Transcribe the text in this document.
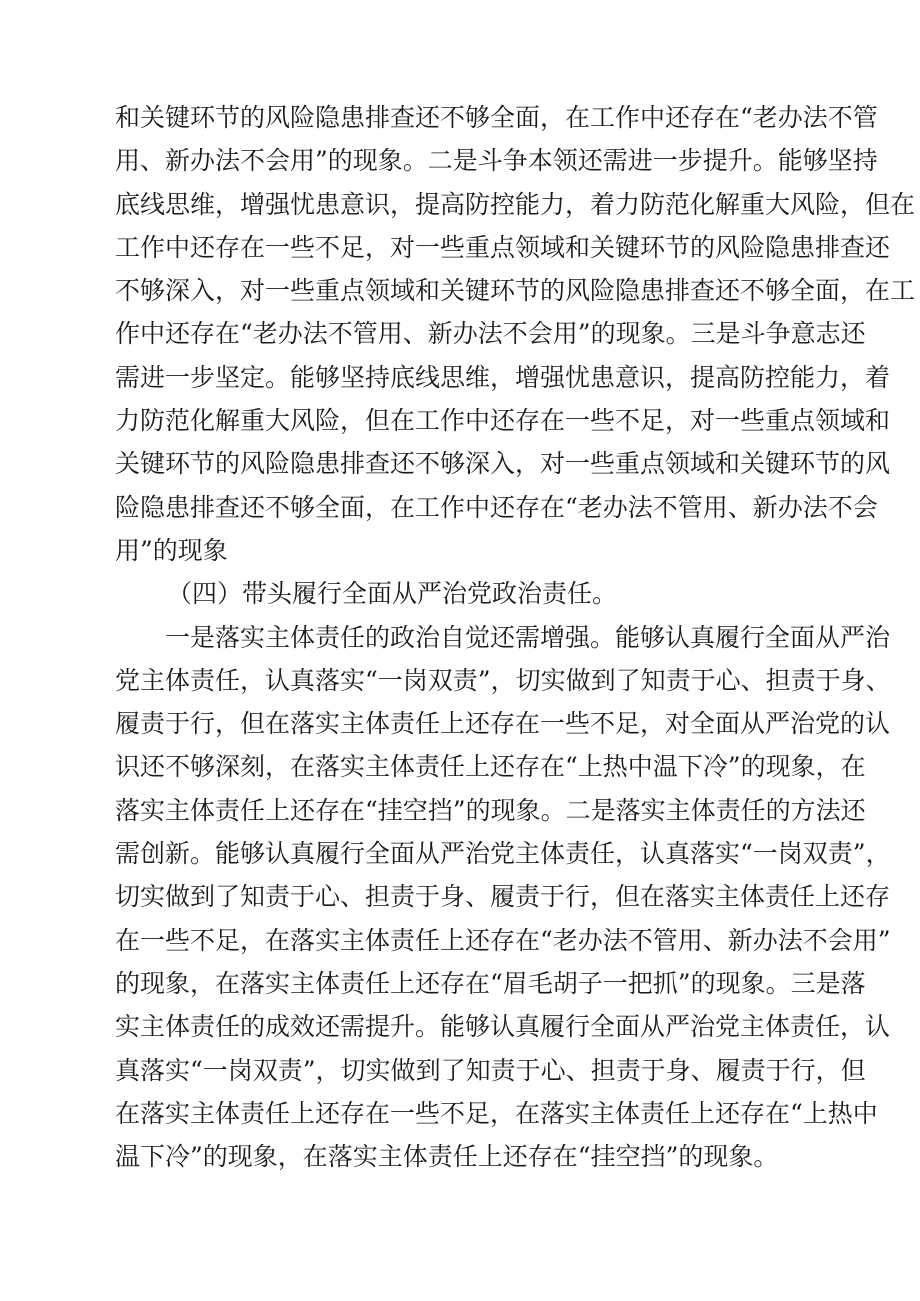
和关键环节的风险隐患排查还不够全面，在工作中还存在“老办法不管
用、新办法不会用”的现象。二是斗争本领还需进一步提升。能够坚持
底线思维，增强忧患意识，提高防控能力，着力防范化解重大风险，但在
工作中还存在一些不足，对一些重点领域和关键环节的风险隐患排查还
不够深入，对一些重点领域和关键环节的风险隐患排查还不够全面，在工
作中还存在“老办法不管用、新办法不会用”的现象。三是斗争意志还
需进一步坚定。能够坚持底线思维，增强忧患意识，提高防控能力，着
力防范化解重大风险，但在工作中还存在一些不足，对一些重点领域和
关键环节的风险隐患排查还不够深入，对一些重点领域和关键环节的风
险隐患排查还不够全面，在工作中还存在“老办法不管用、新办法不会
用”的现象
（四）带头履行全面从严治党政治责任。
一是落实主体责任的政治自觉还需增强。能够认真履行全面从严治
党主体责任，认真落实“一岗双责”，切实做到了知责于心、担责于身、
履责于行，但在落实主体责任上还存在一些不足，对全面从严治党的认
识还不够深刻，在落实主体责任上还存在“上热中温下冷”的现象，在
落实主体责任上还存在“挂空挡”的现象。二是落实主体责任的方法还
需创新。能够认真履行全面从严治党主体责任，认真落实“一岗双责”，
切实做到了知责于心、担责于身、履责于行，但在落实主体责任上还存
在一些不足，在落实主体责任上还存在“老办法不管用、新办法不会用”
的现象，在落实主体责任上还存在“眉毛胡子一把抓”的现象。三是落
实主体责任的成效还需提升。能够认真履行全面从严治党主体责任，认
真落实“一岗双责”，切实做到了知责于心、担责于身、履责于行，但
在落实主体责任上还存在一些不足，在落实主体责任上还存在“上热中
温下冷”的现象，在落实主体责任上还存在“挂空挡”的现象。
